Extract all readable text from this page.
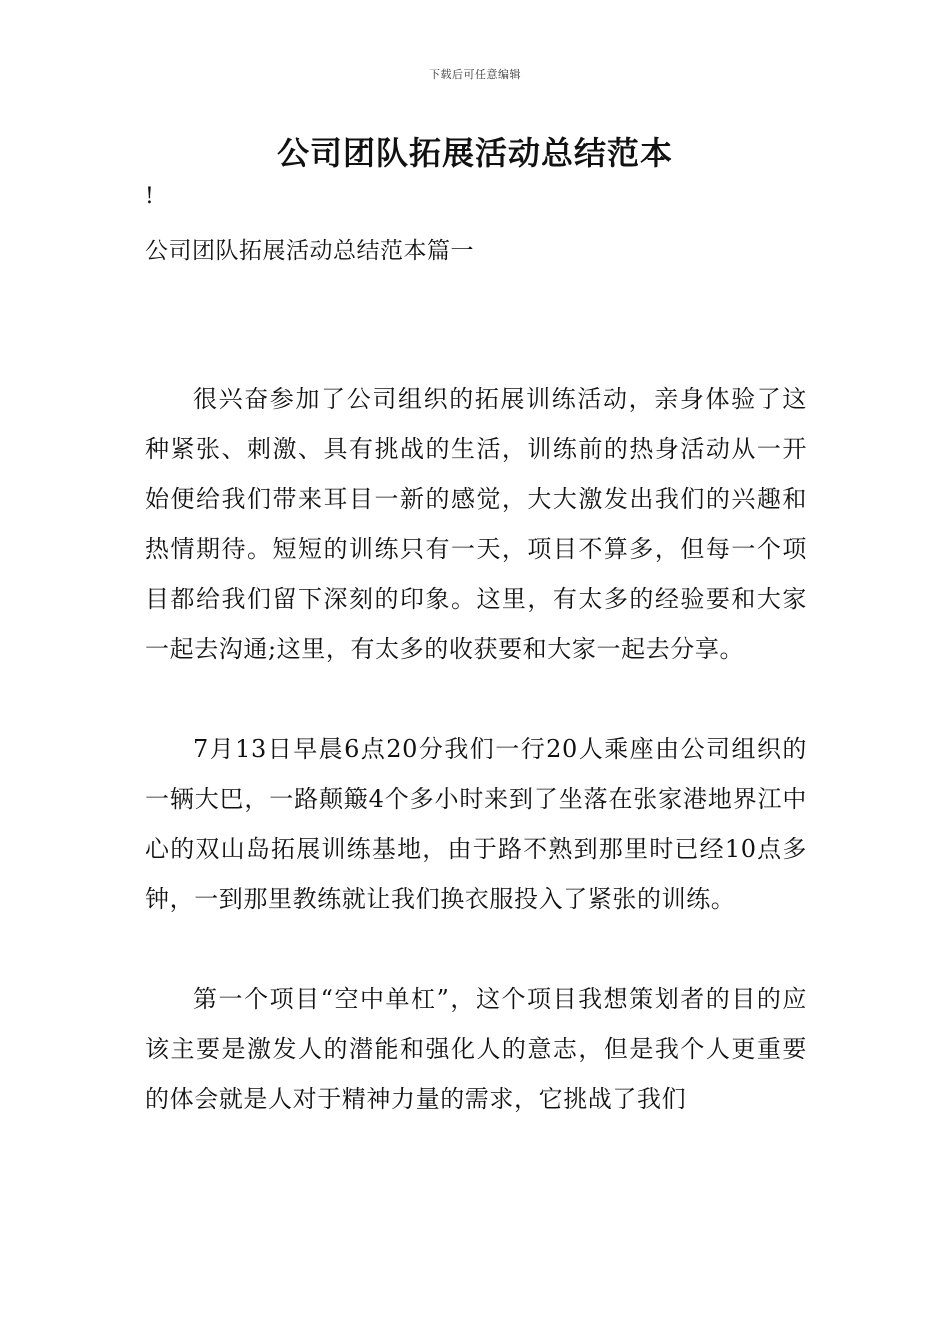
下载后可任意编辑
公司团队拓展活动总结范本
!
公司团队拓展活动总结范本篇一

很兴奋参加了公司组织的拓展训练活动，亲身体验了这种紧张、刺激、具有挑战的生活，训练前的热身活动从一开始便给我们带来耳目一新的感觉，大大激发出我们的兴趣和热情期待。短短的训练只有一天，项目不算多，但每一个项目都给我们留下深刻的印象。这里，有太多的经验要和大家一起去沟通;这里，有太多的收获要和大家一起去分享。

7月13日早晨6点20分我们一行20人乘座由公司组织的一辆大巴，一路颠簸4个多小时来到了坐落在张家港地界江中心的双山岛拓展训练基地，由于路不熟到那里时已经10点多钟，一到那里教练就让我们换衣服投入了紧张的训练。

第一个项目“空中单杠”，这个项目我想策划者的目的应该主要是激发人的潜能和强化人的意志，但是我个人更重要的体会就是人对于精神力量的需求，它挑战了我们
